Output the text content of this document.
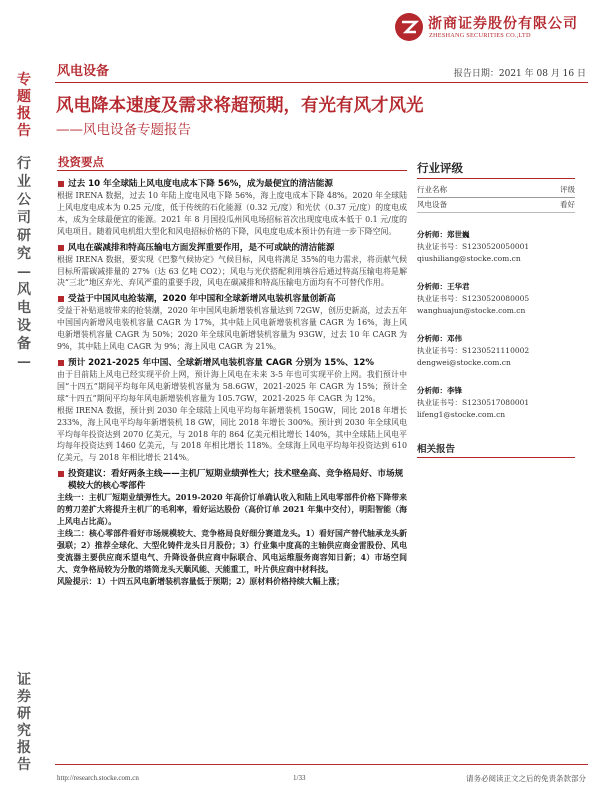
浙商证券股份有限公司
ZHESHANG SECURITIES CO.,LTD
专题报告
行业公司研究—风电设备—
证券研究报告
风电设备	报告日期：2021 年 08 月 16 日
风电降本速度及需求将超预期，有光有风才风光
——风电设备专题报告
投资要点
过去 10 年全球陆上风电度电成本下降 56%，成为最便宜的清洁能源
根据 IRENA 数据，过去 10 年陆上度电风电下降 56%，海上度电成本下降 48%。2020 年全球陆上风电度电成本为 0.25 元/度，低于传统的石化能源（0.32 元/度）和光伏（0.37 元/度）的度电成本，成为全球最便宜的能源。2021 年 8 月国投瓜州风电场招标首次出现度电成本低于 0.1 元/度的风电项目。随着风电机组大型化和风电招标价格的下降，风电度电成本预计仍有进一步下降空间。
风电在碳减排和特高压输电方面发挥重要作用，是不可或缺的清洁能源
根据 IRENA 数据，要实现《巴黎气候协定》气候目标，风电将满足 35%的电力需求，将贡献气候目标所需碳减排量的 27%（达 63 亿吨 CO2）；风电与光伏搭配利用填谷后通过特高压输电将是解决“三北”地区弃光、弃风严重的重要手段，风电在碳减排和特高压输电方面均有不可替代作用。
受益于中国风电抢装潮，2020 年中国和全球新增风电装机容量创新高
受益于补贴退坡带来的抢装潮，2020 年中国风电新增装机容量达到 72GW，创历史新高，过去五年中国国内新增风电装机容量 CAGR 为 17%，其中陆上风电新增装机容量 CAGR 为 16%，海上风电新增装机容量 CAGR 为 50%；2020 年全球风电新增装机容量为 93GW，过去 10 年 CAGR 为 9%，其中陆上风电 CAGR 为 9%；海上风电 CAGR 为 21%。
预计 2021-2025 年中国、全球新增风电装机容量 CAGR 分别为 15%、12%
由于目前陆上风电已经实现平价上网，预计海上风电在未来 3-5 年也可实现平价上网。我们预计中国“十四五”期间平均每年风电新增装机容量为 58.6GW，2021-2025 年 CAGR 为 15%；预计全球“十四五”期间平均每年风电新增装机容量为 105.7GW，2021-2025 年 CAGR 为 12%。
根据 IRENA 数据，预计到 2030 年全球陆上风电平均每年新增装机 150GW，同比 2018 年增长 233%，海上风电平均每年新增装机 18 GW，同比 2018 年增长 300%。预计到 2030 年全球风电平均每年投资达到 2070 亿美元，与 2018 年的 864 亿美元相比增长 140%，其中全球陆上风电平均每年投资达到 1460 亿美元，与 2018 年相比增长 118%。全球海上风电平均每年投资达到 610 亿美元，与 2018 年相比增长 214%。
投资建议：看好两条主线——主机厂短期业绩弹性大；技术壁垒高、竞争格局好、市场规模较大的核心零部件
主线一：主机厂短期业绩弹性大。2019-2020 年高价订单确认收入和陆上风电零部件价格下降带来的剪刀差扩大将提升主机厂的毛利率，看好运达股份（高价订单 2021 年集中交付），明阳智能（海上风电占比高）。
主线二：核心零部件看好市场规模较大、竞争格局良好细分赛道龙头。1）看好国产替代轴承龙头新强联；2）推荐全球化、大型化铸件龙头日月股份；3）行业集中度高的主轴供应商金雷股份、风电变流器主要供应商禾望电气、升降设备供应商中际联合、风电运维服务商容知日新；4）市场空间大、竞争格局较为分散的塔筒龙头天顺风能、天能重工，叶片供应商中材科技。
风险提示：1）十四五风电新增装机容量低于预期；2）原材料价格持续大幅上涨；
行业评级
行业名称	评级
风电设备	看好
分析师：郑世巍
执业证书号：S1230520050001
qiushiliang@stocke.com.cn
分析师：王华君
执业证书号：S1230520080005
wanghuajun@stocke.com.cn
分析师：邓伟
执业证书号：S1230521110002
dengwei@stocke.com.cn
分析师：李锋
执业证书号：S1230517080001
lifeng1@stocke.com.cn
相关报告
http://research.stocke.com.cn	1/33	请务必阅读正文之后的免责条款部分
